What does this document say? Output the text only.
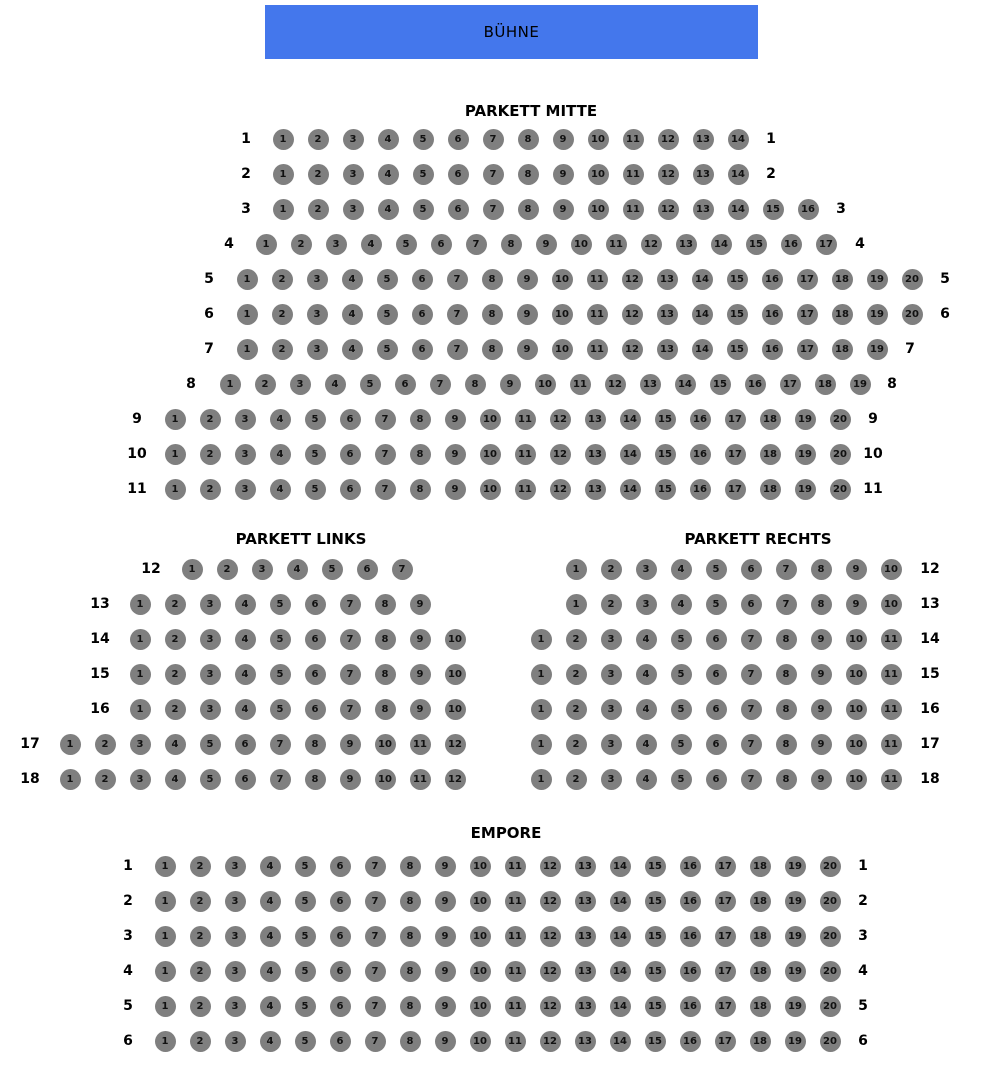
BÜHNE
PARKETT MITTE
1	1	2	3	4	5	6	7	8	9	10	11	12	13	14 1
2	1	2	3	4	5	6	7	8	9	10	11	12	13	14 2
3	1	2	3	4	5	6	7	8	9	10	11	12	13	14	15	16 3
4	1	2	3	4	5	6	7	8	9	10	11	12	13	14	15	16	17 4
5	1	2	3	4	5	6	7	8	9	10	11	12	13	14	15	16	17	18	19	20 5
6	1	2	3	4	5	6	7	8	9	10	11	12	13	14	15	16	17	18	19	20 6
7	1	2	3	4	5	6	7	8	9	10	11	12	13	14	15	16	17	18	19 7
8	1	2	3	4	5	6	7	8	9	10	11	12	13	14	15	16	17	18	19 8
9	1	2	3	4	5	6	7	8	9	10	11	12	13	14	15	16	17	18	19	20 9
10	1	2	3	4	5	6	7	8	9	10	11	12	13	14	15	16	17	18	19	20 10
11	1	2	3	4	5	6	7	8	9	10	11	12	13	14	15	16	17	18	19	20 11
PARKETT LINKS
12	1	2	3	4	5	6	7
13	1	2	3	4	5	6	7	8	9
14	1	2	3	4	5	6	7	8	9	10
15	1	2	3	4	5	6	7	8	9	10
16	1	2	3	4	5	6	7	8	9	10
17	1	2	3	4	5	6	7	8	9	10	11	12
18	1	2	3	4	5	6	7	8	9	10	11	12
PARKETT RECHTS
1	2	3	4	5	6	7	8	9	10 12
1	2	3	4	5	6	7	8	9	10 13
1	2	3	4	5	6	7	8	9	10	11 14
1	2	3	4	5	6	7	8	9	10	11 15
1	2	3	4	5	6	7	8	9	10	11 16
1	2	3	4	5	6	7	8	9	10	11 17
1	2	3	4	5	6	7	8	9	10	11 18
EMPORE
1	1	2	3	4	5	6	7	8	9	10	11	12	13	14	15	16	17	18	19	20 1
2	1	2	3	4	5	6	7	8	9	10	11	12	13	14	15	16	17	18	19	20 2
3	1	2	3	4	5	6	7	8	9	10	11	12	13	14	15	16	17	18	19	20 3
4	1	2	3	4	5	6	7	8	9	10	11	12	13	14	15	16	17	18	19	20 4
5	1	2	3	4	5	6	7	8	9	10	11	12	13	14	15	16	17	18	19	20 5
6	1	2	3	4	5	6	7	8	9	10	11	12	13	14	15	16	17	18	19	20 6
